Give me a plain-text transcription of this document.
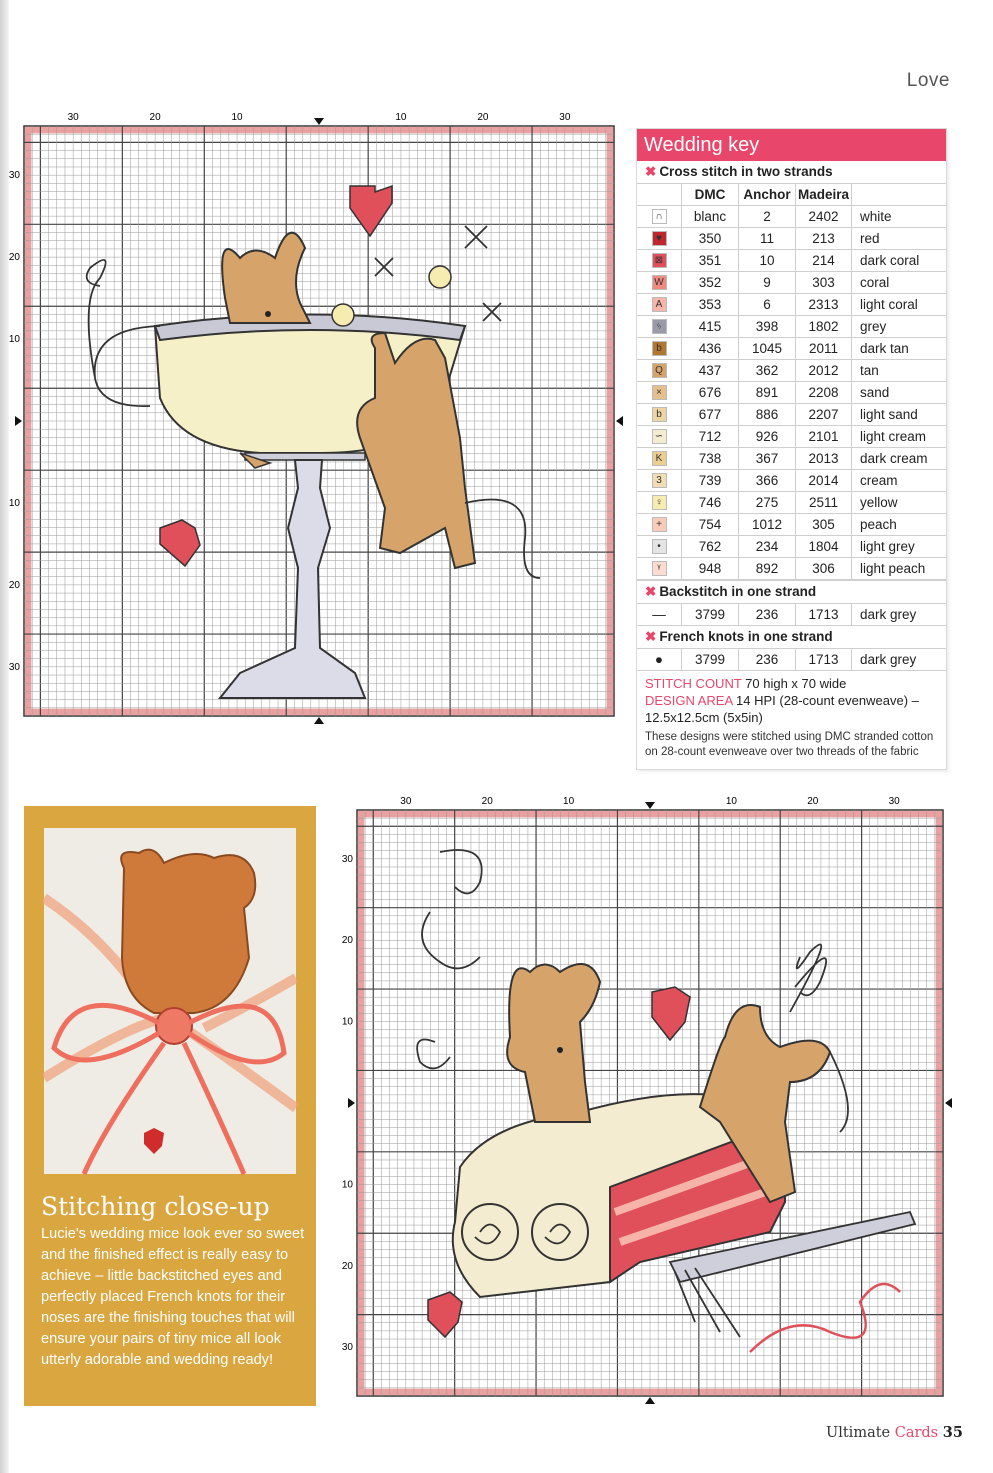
Love
30	20	10	10	20	30
30
20
10
10
20
30
Wedding key
✖ Cross stitch in two strands
	DMC	Anchor	Madeira	
∩	blanc	2	2402	white
♥	350	11	213	red
⊠	351	10	214	dark coral
W	352	9	303	coral
A	353	6	2313	light coral
ᛃ	415	398	1802	grey
b	436	1045	2011	dark tan
Q	437	362	2012	tan
×	676	891	2208	sand
b	677	886	2207	light sand
∽	712	926	2101	light cream
K	738	367	2013	dark cream
3	739	366	2014	cream
♀	746	275	2511	yellow
+	754	1012	305	peach
•	762	234	1804	light grey
ᵞ	948	892	306	light peach
✖ Backstitch in one strand
—	3799	236	1713	dark grey
✖ French knots in one strand
●	3799	236	1713	dark grey
STITCH COUNT 70 high x 70 wide
DESIGN AREA 14 HPI (28-count evenweave) – 12.5x12.5cm (5x5in)
These designs were stitched using DMC stranded cotton on 28-count evenweave over two threads of the fabric
Stitching close-up
Lucie's wedding mice look ever so sweet and the finished effect is really easy to achieve – little backstitched eyes and perfectly placed French knots for their noses are the finishing touches that will ensure your pairs of tiny mice all look utterly adorable and wedding ready!
30	20	10	10	20	30
30
20
10
10
20
30
Ultimate Cards 35
